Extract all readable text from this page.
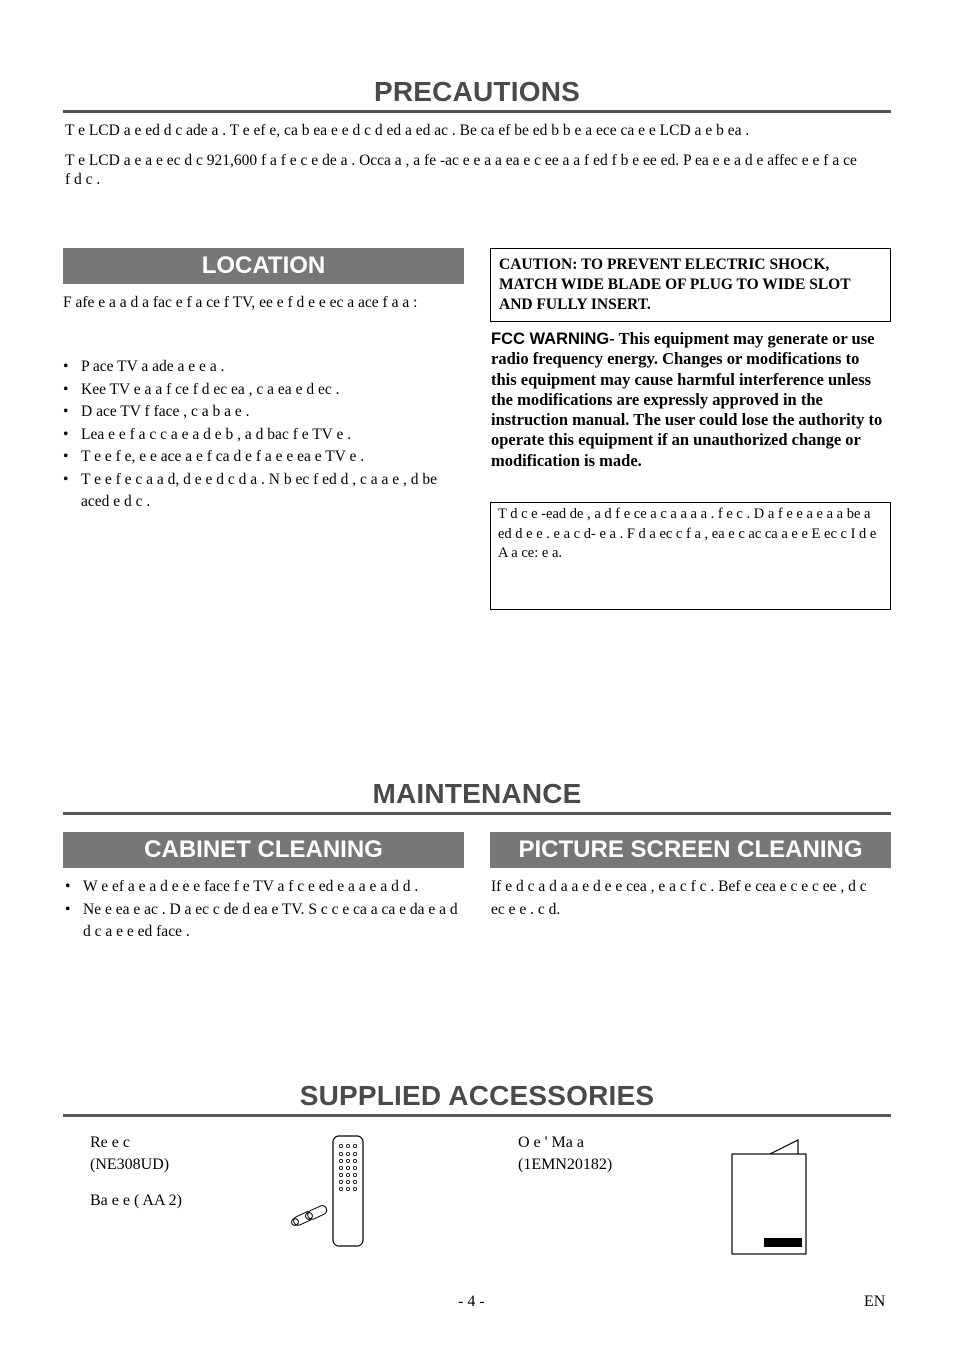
PRECAUTIONS

T e LCD a e ed d c ade a . T e ef e, ca b ea e e d c d ed a ed ac . Be ca ef be ed b b e a ece ca e e LCD a e b ea .

T e LCD a e a e ec d c 921,600 f a f e c e de a . Occa a , a fe -ac e e a a ea e c ee a a f ed f b e ee ed. P ea e e a d e affec e e f a ce f d c .

LOCATION
F afe e a a d a fac e f a ce f TV, ee e f d e e ec a ace f a a :
• P ace TV a ade a e e a .
• Kee TV e a a f ce f d ec ea , c a ea e d ec .
• D ace TV f face , c a b a e .
• Lea e e f a c c a e a d e b , a d bac f e TV e .
• T e e f e, e e ace a e f ca d e f a e e ea e TV e .
• T e e f e c a a d, d e e d c d a . N b ec f ed d , c a a e , d be aced e d c .
CAUTION: TO PREVENT ELECTRIC SHOCK, MATCH WIDE BLADE OF PLUG TO WIDE SLOT AND FULLY INSERT.
FCC WARNING- This equipment may generate or use radio frequency energy. Changes or modifications to this equipment may cause harmful interference unless the modifications are expressly approved in the instruction manual. The user could lose the authority to operate this equipment if an unauthorized change or modification is made.
T d c e -ead de , a d f e ce a c a a a a . f e c . D a f e e a e a a be a ed d e e . e a c d- e a . F d a ec c f a , ea e c ac ca a e e E ec c I d e A a ce: e a.
MAINTENANCE
CABINET CLEANING
• W e ef a e a d e e e face f e TV a f c e ed e a a e a d d .
• Ne e ea e ac . D a ec c de d ea e TV. S c c e ca a ca e da e a d d c a e e ed face .
PICTURE SCREEN CLEANING
If e d c a d a a e d e e cea , e a c f c . Bef e cea e c e c ee , d c ec e e . c d.
SUPPLIED ACCESSORIES
Re e c
(NE308UD)
Ba e e ( AA 2)
O e ' Ma a
(1EMN20182)
- 4 -	EN
